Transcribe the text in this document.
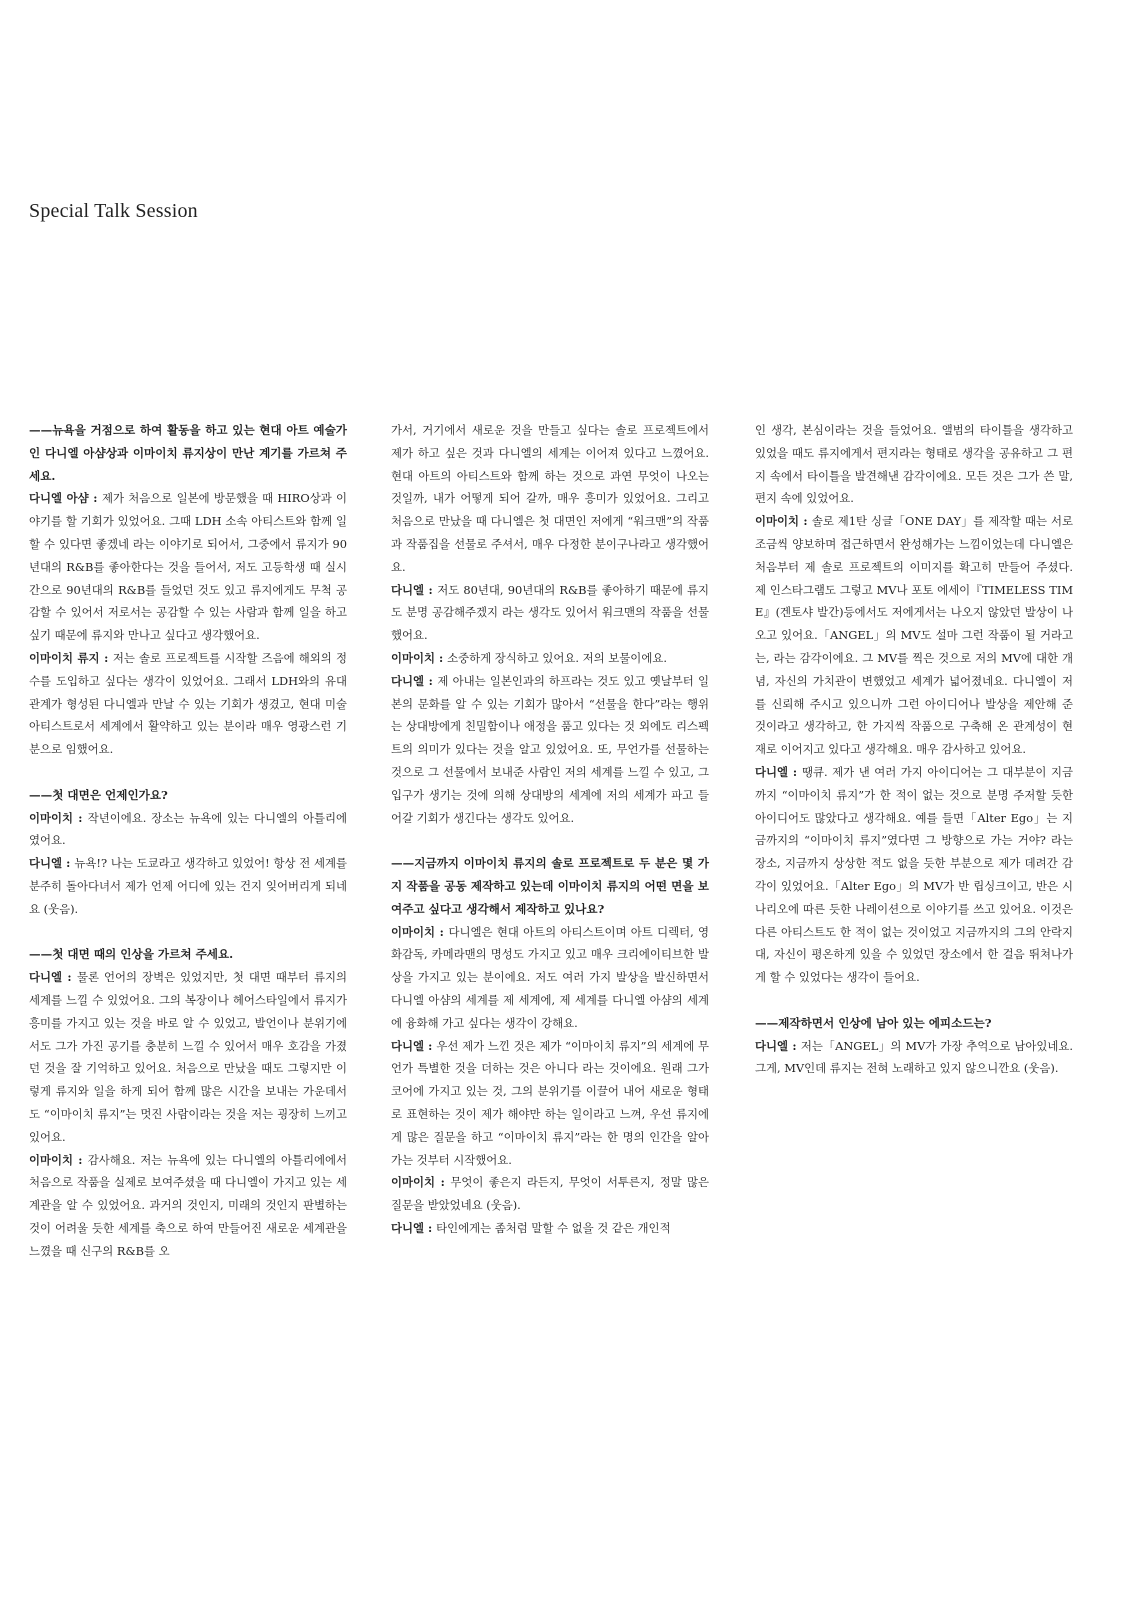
Special Talk Session

——뉴욕을 거점으로 하여 활동을 하고 있는 현대 아트 예술가인 다니엘 아샴상과 이마이치 류지상이 만난 계기를 가르쳐 주세요.

다니엘 아샴 : 제가 처음으로 일본에 방문했을 때 HIRO상과 이야기를 할 기회가 있었어요. 그때 LDH 소속 아티스트와 함께 일할 수 있다면 좋겠네 라는 이야기로 되어서, 그중에서 류지가 90년대의 R&B를 좋아한다는 것을 들어서, 저도 고등학생 때 실시간으로 90년대의 R&B를 들었던 것도 있고 류지에게도 무척 공감할 수 있어서 저로서는 공감할 수 있는 사람과 함께 일을 하고 싶기 때문에 류지와 만나고 싶다고 생각했어요.

이마이치 류지 : 저는 솔로 프로젝트를 시작할 즈음에 해외의 정수를 도입하고 싶다는 생각이 있었어요. 그래서 LDH와의 유대 관계가 형성된 다니엘과 만날 수 있는 기회가 생겼고, 현대 미술 아티스트로서 세계에서 활약하고 있는 분이라 매우 영광스런 기분으로 임했어요.

——첫 대면은 언제인가요?

이마이치 : 작년이에요. 장소는 뉴욕에 있는 다니엘의 아틀리에였어요.

다니엘 : 뉴욕!? 나는 도쿄라고 생각하고 있었어! 항상 전 세계를 분주히 돌아다녀서 제가 언제 어디에 있는 건지 잊어버리게 되네요 (웃음).

——첫 대면 때의 인상을 가르쳐 주세요.

다니엘 : 물론 언어의 장벽은 있었지만, 첫 대면 때부터 류지의 세계를 느낄 수 있었어요. 그의 복장이나 헤어스타일에서 류지가 흥미를 가지고 있는 것을 바로 알 수 있었고, 발언이나 분위기에서도 그가 가진 공기를 충분히 느낄 수 있어서 매우 호감을 가졌던 것을 잘 기억하고 있어요. 처음으로 만났을 때도 그렇지만 이렇게 류지와 일을 하게 되어 함께 많은 시간을 보내는 가운데서도 “이마이치 류지”는 멋진 사람이라는 것을 저는 굉장히 느끼고 있어요.

이마이치 : 감사해요. 저는 뉴욕에 있는 다니엘의 아틀리에에서 처음으로 작품을 실제로 보여주셨을 때 다니엘이 가지고 있는 세계관을 알 수 있었어요. 과거의 것인지, 미래의 것인지 판별하는 것이 어려울 듯한 세계를 축으로 하여 만들어진 새로운 세계관을 느꼈을 때 신구의 R&B를 오

가서, 거기에서 새로운 것을 만들고 싶다는 솔로 프로젝트에서 제가 하고 싶은 것과 다니엘의 세계는 이어져 있다고 느꼈어요. 현대 아트의 아티스트와 함께 하는 것으로 과연 무엇이 나오는 것일까, 내가 어떻게 되어 갈까, 매우 흥미가 있었어요. 그리고 처음으로 만났을 때 다니엘은 첫 대면인 저에게 “워크맨”의 작품과 작품집을 선물로 주셔서, 매우 다정한 분이구나라고 생각했어요.

다니엘 : 저도 80년대, 90년대의 R&B를 좋아하기 때문에 류지도 분명 공감해주겠지 라는 생각도 있어서 워크맨의 작품을 선물했어요.

이마이치 : 소중하게 장식하고 있어요. 저의 보물이에요.

다니엘 : 제 아내는 일본인과의 하프라는 것도 있고 옛날부터 일본의 문화를 알 수 있는 기회가 많아서 “선물을 한다”라는 행위는 상대방에게 친밀함이나 애정을 품고 있다는 것 외에도 리스펙트의 의미가 있다는 것을 알고 있었어요. 또, 무언가를 선물하는 것으로 그 선물에서 보내준 사람인 저의 세계를 느낄 수 있고, 그 입구가 생기는 것에 의해 상대방의 세계에 저의 세계가 파고 들어갈 기회가 생긴다는 생각도 있어요.

——지금까지 이마이치 류지의 솔로 프로젝트로 두 분은 몇 가지 작품을 공동 제작하고 있는데 이마이치 류지의 어떤 면을 보여주고 싶다고 생각해서 제작하고 있나요?

이마이치 : 다니엘은 현대 아트의 아티스트이며 아트 디렉터, 영화감독, 카메라맨의 명성도 가지고 있고 매우 크리에이티브한 발상을 가지고 있는 분이에요. 저도 여러 가지 발상을 발신하면서 다니엘 아샴의 세계를 제 세계에, 제 세계를 다니엘 아샴의 세계에 융화해 가고 싶다는 생각이 강해요.

다니엘 : 우선 제가 느낀 것은 제가 “이마이치 류지”의 세계에 무언가 특별한 것을 더하는 것은 아니다 라는 것이에요. 원래 그가 코어에 가지고 있는 것, 그의 분위기를 이끌어 내어 새로운 형태로 표현하는 것이 제가 해야만 하는 일이라고 느껴, 우선 류지에게 많은 질문을 하고 “이마이치 류지”라는 한 명의 인간을 알아가는 것부터 시작했어요.

이마이치 : 무엇이 좋은지 라든지, 무엇이 서투른지, 정말 많은 질문을 받았었네요 (웃음).

다니엘 : 타인에게는 좀처럼 말할 수 없을 것 같은 개인적

인 생각, 본심이라는 것을 들었어요. 앨범의 타이틀을 생각하고 있었을 때도 류지에게서 편지라는 형태로 생각을 공유하고 그 편지 속에서 타이틀을 발견해낸 감각이에요. 모든 것은 그가 쓴 말, 편지 속에 있었어요.

이마이치 : 솔로 제1탄 싱글「ONE DAY」를 제작할 때는 서로 조금씩 양보하며 접근하면서 완성해가는 느낌이었는데 다니엘은 처음부터 제 솔로 프로젝트의 이미지를 확고히 만들어 주셨다. 제 인스타그램도 그렇고 MV나 포토 에세이『TIMELESS TIME』(겐토샤 발간)등에서도 저에게서는 나오지 않았던 발상이 나오고 있어요.「ANGEL」의 MV도 설마 그런 작품이 될 거라고는, 라는 감각이에요. 그 MV를 찍은 것으로 저의 MV에 대한 개념, 자신의 가치관이 변했었고 세계가 넓어졌네요. 다니엘이 저를 신뢰해 주시고 있으니까 그런 아이디어나 발상을 제안해 준 것이라고 생각하고, 한 가지씩 작품으로 구축해 온 관계성이 현재로 이어지고 있다고 생각해요. 매우 감사하고 있어요.

다니엘 : 땡큐. 제가 낸 여러 가지 아이디어는 그 대부분이 지금까지 “이마이치 류지”가 한 적이 없는 것으로 분명 주저할 듯한 아이디어도 많았다고 생각해요. 예를 들면「Alter Ego」는 지금까지의 “이마이치 류지”였다면 그 방향으로 가는 거야? 라는 장소, 지금까지 상상한 적도 없을 듯한 부분으로 제가 데려간 감각이 있었어요.「Alter Ego」의 MV가 반 립싱크이고, 반은 시나리오에 따른 듯한 나레이션으로 이야기를 쓰고 있어요. 이것은 다른 아티스트도 한 적이 없는 것이었고 지금까지의 그의 안락지대, 자신이 평온하게 있을 수 있었던 장소에서 한 걸음 뛰쳐나가게 할 수 있었다는 생각이 들어요.

——제작하면서 인상에 남아 있는 에피소드는?

다니엘 : 저는「ANGEL」의 MV가 가장 추억으로 남아있네요. 그게, MV인데 류지는 전혀 노래하고 있지 않으니깐요 (웃음).
